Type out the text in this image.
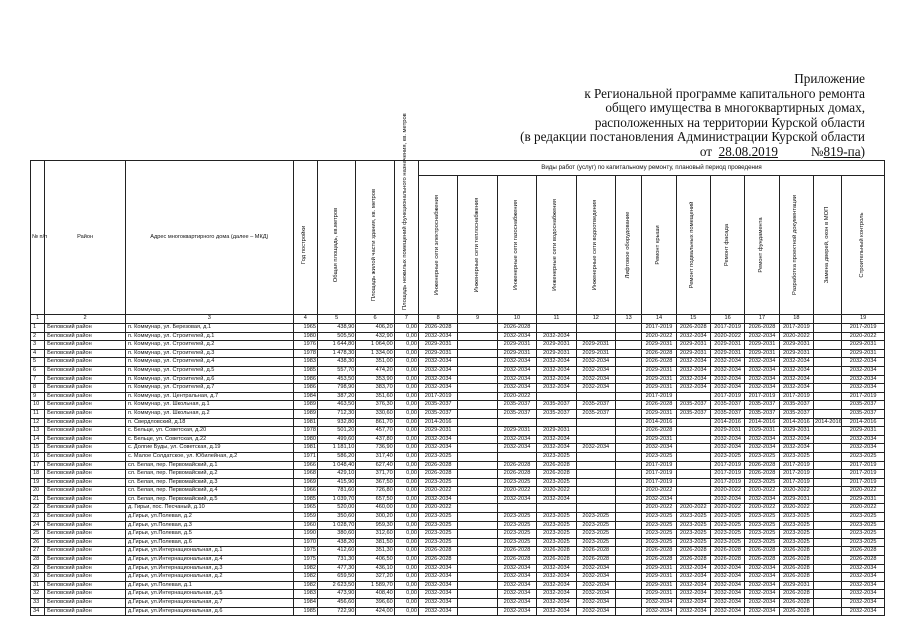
Приложение
к Региональной программе капитального ремонта
общего имущества в многоквартирных домах,
расположенных на территории Курской области
(в редакции постановления Администрации Курской области
от 28.08.2019 №819-па)
№ п/п	Район	Адрес многоквартирного дома (далее – МКД)	Год постройки	Общая площадь, кв.метров	Площадь жилой части здания, кв. метров	Площадь нежилых помещений функционального назначения, кв. метров	Виды работ (услуг) по капитальному ремонту, плановый период проведения												

							Инженерные сети электроснабжения	Инженерные сети теплоснабжения	Инженерные сети газоснабжения	Инженерные сети водоснабжения	Инженерные сети водоотведения	Лифтовое оборудование	Ремонт крыши	Ремонт подвальных помещений	Ремонт фасада	Ремонт фундамента	Разработка проектной документации	Замена дверей, окон в МОП	Строительный контроль

1	2	3	4	5	6	7	8	9	10	11	12	13	14	15	16	17	18		19
1	Беловский район	п. Коммунар, ул. Березовая, д.1	1965	438,90	406,20	0,00	2026-2028		2026-2028				2017-2019	2026-2028	2017-2019	2026-2028	2017-2019		2017-2019
2	Беловский район	п. Коммунар, ул. Строителей, д.1	1980	505,50	432,90	0,00	2032-2034		2032-2034	2032-2034			2020-2022	2032-2034	2020-2022	2032-2034	2020-2022		2020-2022
3	Беловский район	п. Коммунар, ул. Строителей, д.2	1976	1 644,80	1 064,00	0,00	2029-2031		2029-2031	2029-2031	2029-2031		2029-2031	2029-2031	2029-2031	2029-2031	2029-2031		2029-2031
4	Беловский район	п. Коммунар, ул. Строителей, д.3	1978	1 478,30	1 334,00	0,00	2029-2031		2029-2031	2029-2031	2029-2031		2026-2028	2029-2031	2029-2031	2029-2031	2029-2031		2029-2031
5	Беловский район	п. Коммунар, ул. Строителей, д.4	1983	438,30	351,00	0,00	2032-2034		2032-2034	2032-2034	2032-2034		2026-2028	2032-2034	2032-2034	2032-2034	2032-2034		2032-2034
6	Беловский район	п. Коммунар, ул. Строителей, д.5	1985	557,70	474,20	0,00	2032-2034		2032-2034	2032-2034	2032-2034		2029-2031	2032-2034	2032-2034	2032-2034	2032-2034		2032-2034
7	Беловский район	п. Коммунар, ул. Строителей, д.6	1986	453,50	353,90	0,00	2032-2034		2032-2034	2032-2034	2032-2034		2029-2031	2032-2034	2032-2034	2032-2034	2032-2034		2032-2034
8	Беловский район	п. Коммунар, ул. Строителей, д.7	1986	798,90	383,70	0,00	2032-2034		2032-2034	2032-2034	2032-2034		2029-2031	2032-2034	2032-2034	2032-2034	2032-2034		2032-2034
9	Беловский район	п. Коммунар, ул. Центральная, д.7	1984	387,20	351,60	0,00	2017-2019		2020-2022				2017-2019		2017-2019	2017-2019	2017-2019		2017-2019
10	Беловский район	п. Коммунар, ул. Школьная, д.1	1989	463,50	376,30	0,00	2035-2037		2035-2037	2035-2037	2035-2037		2026-2028	2035-2037	2035-2037	2035-2037	2035-2037		2035-2037
11	Беловский район	п. Коммунар, ул. Школьная, д.2	1989	712,30	330,60	0,00	2035-2037		2035-2037	2035-2037	2035-2037		2029-2031	2035-2037	2035-2037	2035-2037	2035-2037		2035-2037
12	Беловский район	п. Свердловский, д.18	1981	932,80	861,70	0,00	2014-2016						2014-2016		2014-2016	2014-2016	2014-2016	2014-2016	2014-2016
13	Беловский район	с. Бельце, ул. Советская, д.20	1978	501,20	457,70	0,00	2029-2031		2029-2031	2029-2031			2026-2028		2029-2031	2029-2031	2029-2031		2029-2031
14	Беловский район	с. Бельце, ул. Советская, д.22	1980	499,60	437,80	0,00	2032-2034		2032-2034	2032-2034			2029-2031		2032-2034	2032-2034	2032-2034		2032-2034
15	Беловский район	с. Долгие Буды, ул. Советская, д.19	1981	1 181,10	736,90	0,00	2032-2034		2032-2034	2032-2034	2032-2034		2032-2034		2032-2034	2032-2034	2032-2034		2032-2034
16	Беловский район	с. Малое Солдатское, ул. Юбилейная, д.2	1971	586,20	317,40	0,00	2023-2025			2023-2025			2023-2025		2023-2025	2023-2025	2023-2025		2023-2025
17	Беловский район	сл. Белая, пер. Первомайский, д.1	1966	1 048,40	627,40	0,00	2026-2028		2026-2028	2026-2028			2017-2019		2017-2019	2026-2028	2017-2019		2017-2019
18	Беловский район	сл. Белая, пер. Первомайский, д.2	1968	429,10	371,70	0,00	2026-2028		2026-2028	2026-2028			2017-2019		2017-2019	2026-2028	2017-2019		2017-2019
19	Беловский район	сл. Белая, пер. Первомайский, д.3	1969	415,90	367,50	0,00	2023-2025		2023-2025	2023-2025			2017-2019		2017-2019	2023-2025	2017-2019		2017-2019
20	Беловский район	сл. Белая, пер. Первомайский, д.4	1966	781,60	726,80	0,00	2020-2022		2020-2022	2020-2022			2020-2022		2020-2022	2020-2022	2020-2022		2020-2022
21	Беловский район	сл. Белая, пер. Первомайский, д.5	1985	1 039,70	657,50	0,00	2032-2034		2032-2034	2032-2034			2032-2034		2032-2034	2032-2034	2029-2031		2029-2031
22	Беловский район	д. Гирьи, пос. Песчаный, д.10	1965	520,00	460,00	0,00	2020-2022						2020-2022	2020-2022	2020-2022	2020-2022	2020-2022		2020-2022
23	Беловский район	д.Гирьи, ул.Полевая, д.2	1959	350,60	300,20	0,00	2023-2025		2023-2025	2023-2025	2023-2025		2023-2025	2023-2025	2023-2025	2023-2025	2023-2025		2023-2025
24	Беловский район	д.Гирьи, ул.Полевая, д.3	1960	1 028,70	959,30	0,00	2023-2025		2023-2025	2023-2025	2023-2025		2023-2025	2023-2025	2023-2025	2023-2025	2023-2025		2023-2025
25	Беловский район	д.Гирьи, ул.Полевая, д.5	1990	380,60	312,60	0,00	2023-2025		2023-2025	2023-2025	2023-2025		2023-2025	2023-2025	2023-2025	2023-2025	2023-2025		2023-2025
26	Беловский район	д.Гирьи, ул.Полевая, д.6	1970	438,20	381,50	0,00	2023-2025		2023-2025	2023-2025	2023-2025		2023-2025	2023-2025	2023-2025	2023-2025	2023-2025		2023-2025
27	Беловский район	д.Гирьи, ул.Интернациональная, д.1	1975	412,60	351,30	0,00	2026-2028		2026-2028	2026-2028	2026-2028		2026-2028	2026-2028	2026-2028	2026-2028	2026-2028		2026-2028
28	Беловский район	д.Гирьи, ул.Интернациональная, д.4	1975	731,30	406,50	0,00	2026-2028		2026-2028	2026-2028	2026-2028		2026-2028	2026-2028	2026-2028	2026-2028	2026-2028		2026-2028
29	Беловский район	д.Гирьи, ул.Интернациональная, д.3	1982	477,30	436,10	0,00	2032-2034		2032-2034	2032-2034	2032-2034		2029-2031	2032-2034	2032-2034	2032-2034	2026-2028		2032-2034
30	Беловский район	д.Гирьи, ул.Интернациональная, д.2	1982	659,50	327,20	0,00	2032-2034		2032-2034	2032-2034	2032-2034		2029-2031	2032-2034	2032-2034	2032-2034	2026-2028		2032-2034
31	Беловский район	д.Гирьи, ул.Полевая, д.1	1982	2 623,50	1 589,70	0,00	2032-2034		2032-2034	2032-2034	2032-2034		2029-2031	2032-2034	2032-2034	2032-2034	2029-2031		2032-2034
32	Беловский район	д.Гирьи, ул.Интернациональная, д.5	1983	473,90	408,40	0,00	2032-2034		2032-2034	2032-2034	2032-2034		2029-2031	2032-2034	2032-2034	2032-2034	2026-2028		2032-2034
33	Беловский район	д.Гирьи, ул.Интернациональная, д.7	1984	456,60	396,60	0,00	2032-2034		2032-2034	2032-2034	2032-2034		2032-2034	2032-2034	2032-2034	2032-2034	2026-2028		2032-2034
34	Беловский район	д.Гирьи, ул.Интернациональная, д.6	1985	722,90	424,00	0,00	2032-2034		2032-2034	2032-2034	2032-2034		2032-2034	2032-2034	2032-2034	2032-2034	2026-2028		2032-2034
